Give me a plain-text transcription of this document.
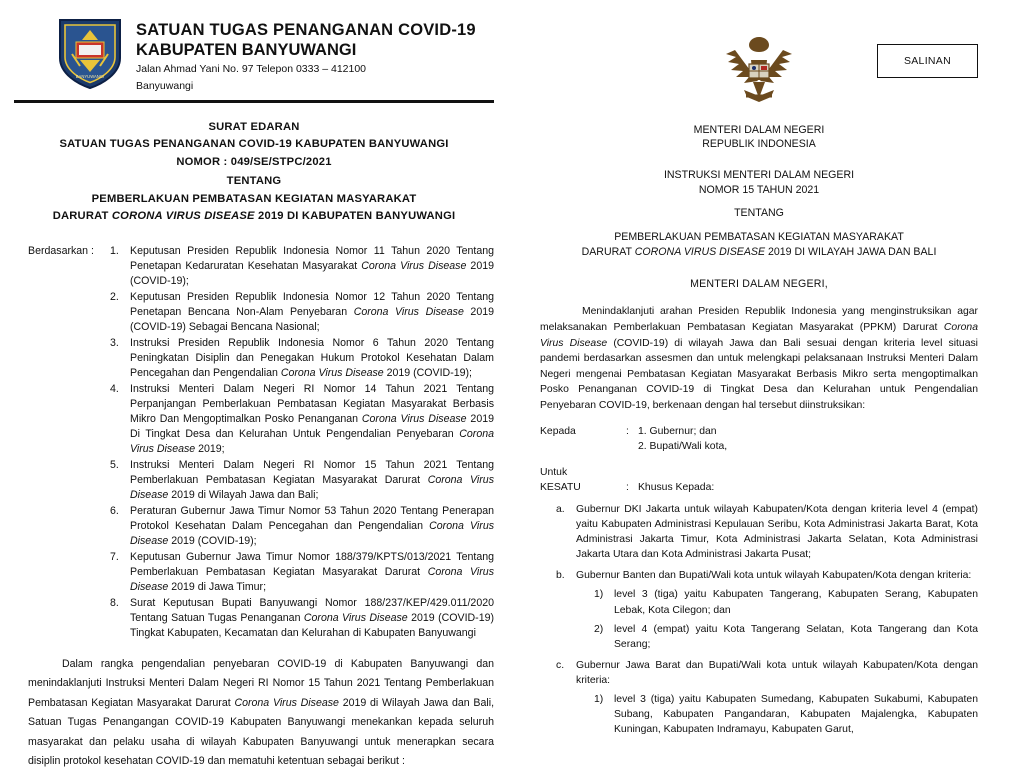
BANYUWANGI
SATUAN TUGAS PENANGANAN COVID-19
KABUPATEN BANYUWANGI
Jalan Ahmad Yani No. 97 Telepon 0333 – 412100
Banyuwangi
SURAT EDARAN
SATUAN TUGAS PENANGANAN COVID-19 KABUPATEN BANYUWANGI
NOMOR : 049/SE/STPC/2021
TENTANG
PEMBERLAKUAN PEMBATASAN KEGIATAN MASYARAKAT
DARURAT CORONA VIRUS DISEASE 2019 DI KABUPATEN BANYUWANGI
Berdasarkan :	1.	Keputusan Presiden Republik Indonesia Nomor 11 Tahun 2020 Tentang Penetapan Kedaruratan Kesehatan Masyarakat Corona Virus Disease 2019 (COVID-19);
2.	Keputusan Presiden Republik Indonesia Nomor 12 Tahun 2020 Tentang Penetapan Bencana Non-Alam Penyebaran Corona Virus Disease 2019 (COVID-19) Sebagai Bencana Nasional;
3.	Instruksi Presiden Republik Indonesia Nomor 6 Tahun 2020 Tentang Peningkatan Disiplin dan Penegakan Hukum Protokol Kesehatan Dalam Pencegahan dan Pengendalian Corona Virus Disease 2019 (COVID-19);
4.	Instruksi Menteri Dalam Negeri RI Nomor 14 Tahun 2021 Tentang Perpanjangan Pemberlakuan Pembatasan Kegiatan Masyarakat Berbasis Mikro Dan Mengoptimalkan Posko Penanganan Corona Virus Disease 2019 Di Tingkat Desa dan Kelurahan Untuk Pengendalian Penyebaran Corona Virus Disease 2019;
5.	Instruksi Menteri Dalam Negeri RI Nomor 15 Tahun 2021 Tentang Pemberlakuan Pembatasan Kegiatan Masyarakat Darurat Corona Virus Disease 2019 di Wilayah Jawa dan Bali;
6.	Peraturan Gubernur Jawa Timur Nomor 53 Tahun 2020 Tentang Penerapan Protokol Kesehatan Dalam Pencegahan dan Pengendalian Corona Virus Disease 2019 (COVID-19);
7.	Keputusan Gubernur Jawa Timur Nomor 188/379/KPTS/013/2021 Tentang Pemberlakuan Pembatasan Kegiatan Masyarakat Darurat Corona Virus Disease 2019 di Jawa Timur;
8.	Surat Keputusan Bupati Banyuwangi Nomor 188/237/KEP/429.011/2020 Tentang Satuan Tugas Penanganan Corona Virus Disease 2019 (COVID-19) Tingkat Kabupaten, Kecamatan dan Kelurahan di Kabupaten Banyuwangi
Dalam rangka pengendalian penyebaran COVID-19 di Kabupaten Banyuwangi dan menindaklanjuti Instruksi Menteri Dalam Negeri RI Nomor 15 Tahun 2021 Tentang Pemberlakuan Pembatasan Kegiatan Masyarakat Darurat Corona Virus Disease 2019 di Wilayah Jawa dan Bali, Satuan Tugas Penangangan COVID-19 Kabupaten Banyuwangi menekankan kepada seluruh masyarakat dan pelaku usaha di wilayah Kabupaten Banyuwangi untuk menerapkan secara disiplin protokol kesehatan COVID-19 dan mematuhi ketentuan sebagai berikut :
SALINAN
MENTERI DALAM NEGERI
REPUBLIK INDONESIA
INSTRUKSI MENTERI DALAM NEGERI
NOMOR 15 TAHUN 2021
TENTANG
PEMBERLAKUAN PEMBATASAN KEGIATAN MASYARAKAT
DARURAT CORONA VIRUS DISEASE 2019 DI WILAYAH JAWA DAN BALI
MENTERI DALAM NEGERI,
Menindaklanjuti arahan Presiden Republik Indonesia yang menginstruksikan agar melaksanakan Pemberlakuan Pembatasan Kegiatan Masyarakat (PPKM) Darurat Corona Virus Disease (COVID-19) di wilayah Jawa dan Bali sesuai dengan kriteria level situasi pandemi berdasarkan assesmen dan untuk melengkapi pelaksanaan Instruksi Menteri Dalam Negeri mengenai Pembatasan Kegiatan Masyarakat Berbasis Mikro serta mengoptimalkan Posko Penanganan COVID-19 di Tingkat Desa dan Kelurahan untuk Pengendalian Penyebaran COVID-19, berkenaan dengan hal tersebut diinstruksikan:
Kepada	: 1. Gubernur; dan
2. Bupati/Wali kota,
Untuk
KESATU	: Khusus Kepada:
a.	Gubernur DKI Jakarta untuk wilayah Kabupaten/Kota dengan kriteria level 4 (empat) yaitu Kabupaten Administrasi Kepulauan Seribu, Kota Administrasi Jakarta Barat, Kota Administrasi Jakarta Timur, Kota Administrasi Jakarta Selatan, Kota Administrasi Jakarta Utara dan Kota Administrasi Jakarta Pusat;
b.	Gubernur Banten dan Bupati/Wali kota untuk wilayah Kabupaten/Kota dengan kriteria:
1)	level 3 (tiga) yaitu Kabupaten Tangerang, Kabupaten Serang, Kabupaten Lebak, Kota Cilegon; dan
2)	level 4 (empat) yaitu Kota Tangerang Selatan, Kota Tangerang dan Kota Serang;
c.	Gubernur Jawa Barat dan Bupati/Wali kota untuk wilayah Kabupaten/Kota dengan kriteria:
1)	level 3 (tiga) yaitu Kabupaten Sumedang, Kabupaten Sukabumi, Kabupaten Subang, Kabupaten Pangandaran, Kabupaten Majalengka, Kabupaten Kuningan, Kabupaten Indramayu, Kabupaten Garut,
